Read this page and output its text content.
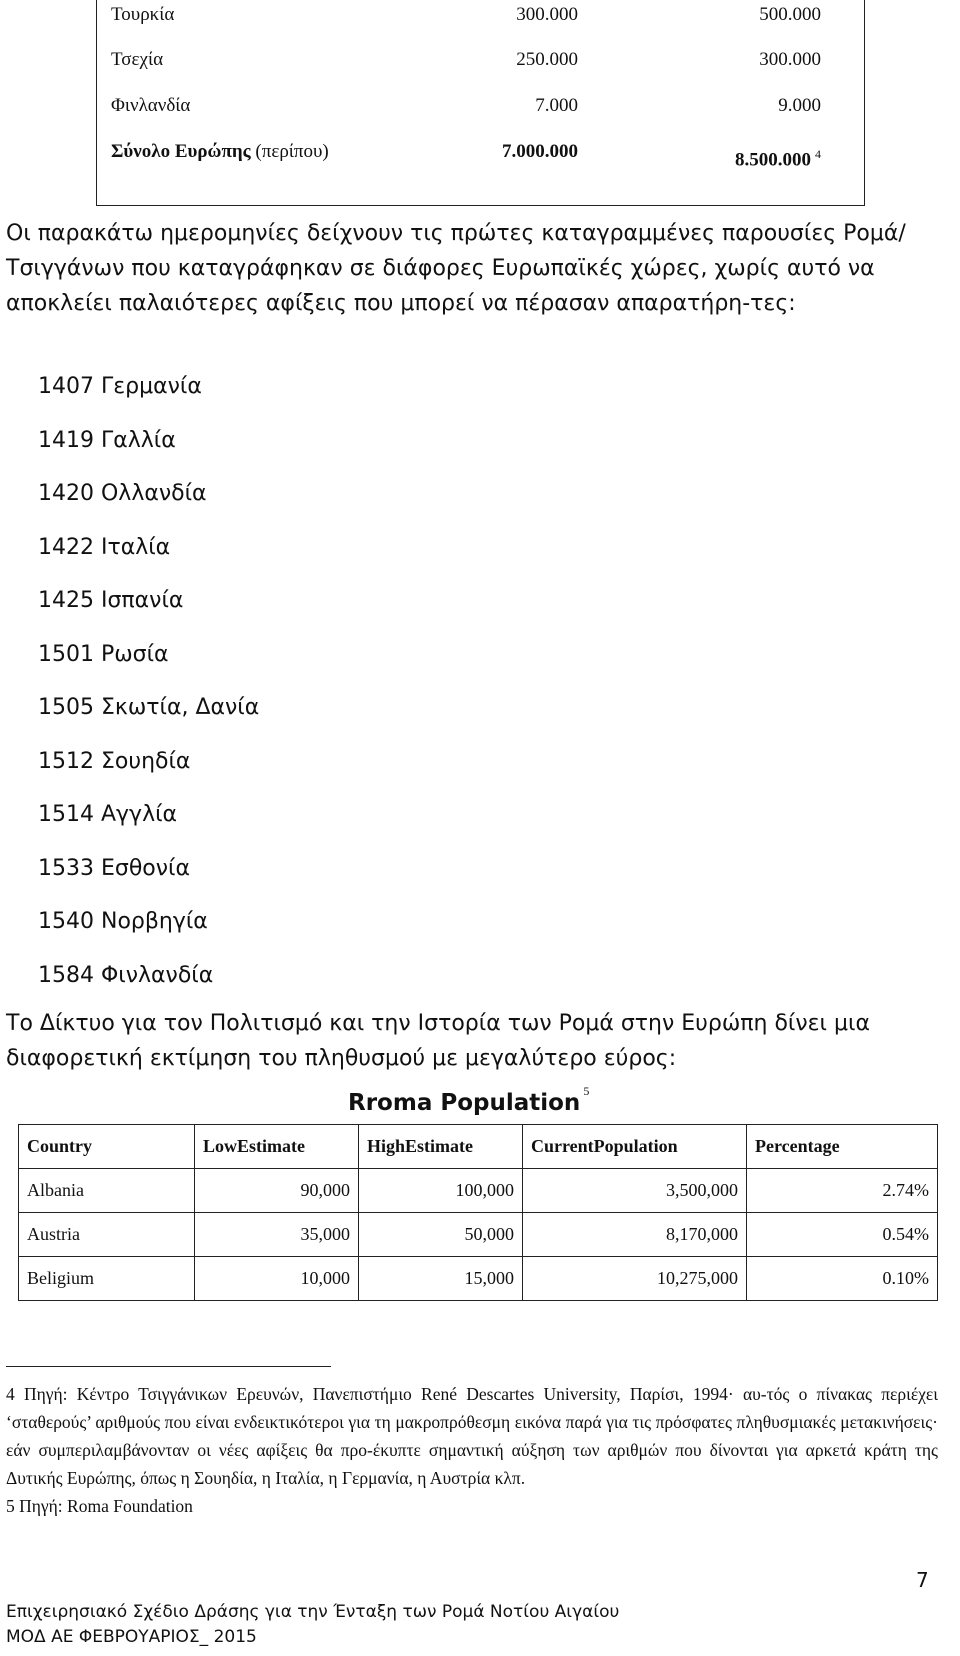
Τουρκία	300.000	500.000
Τσεχία	250.000	300.000
Φινλανδία	7.000	9.000
Σύνολο Ευρώπης (περίπου)	7.000.000	8.500.000 $^4$

Οι παρακάτω ημερομηνίες δείχνουν τις πρώτες καταγραμμένες παρουσίες Ρομά/Τσιγγάνων που καταγράφηκαν σε διάφορες Ευρωπαϊκές χώρες, χωρίς αυτό να αποκλείει παλαιότερες αφίξεις που μπορεί να πέρασαν απαρατήρη-τες:

1407 Γερμανία
1419 Γαλλία
1420 Ολλανδία
1422 Ιταλία
1425 Ισπανία
1501 Ρωσία
1505 Σκωτία, Δανία
1512 Σουηδία
1514 Αγγλία
1533 Εσθονία
1540 Νορβηγία
1584 Φινλανδία

Το Δίκτυο για τον Πολιτισμό και την Ιστορία των Ρομά στην Ευρώπη δίνει μια διαφορετική εκτίμηση του πληθυσμού με μεγαλύτερο εύρος:

Rroma Population $^5$
Country	LowEstimate	HighEstimate	CurrentPopulation	Percentage
Albania	90,000	100,000	3,500,000	2.74%
Austria	35,000	50,000	8,170,000	0.54%
Beligium	10,000	15,000	10,275,000	0.10%

4 Πηγή: Κέντρο Τσιγγάνικων Ερευνών, Πανεπιστήμιο René Descartes University, Παρίσι, 1994· αυ-τός ο πίνακας περιέχει ‘σταθερούς’ αριθμούς που είναι ενδεικτικότεροι για τη μακροπρόθεσμη εικόνα παρά για τις πρόσφατες πληθυσμιακές μετακινήσεις· εάν συμπεριλαμβάνονταν οι νέες αφίξεις θα προ-έκυπτε σημαντική αύξηση των αριθμών που δίνονται για αρκετά κράτη της Δυτικής Ευρώπης, όπως η Σουηδία, η Ιταλία, η Γερμανία, η Αυστρία κλπ.

5 Πηγή: Roma Foundation

7
Επιχειρησιακό Σχέδιο Δράσης για την Ένταξη των Ρομά Νοτίου Αιγαίου
ΜΟΔ ΑΕ ΦΕΒΡΟΥΑΡΙΟΣ_ 2015
